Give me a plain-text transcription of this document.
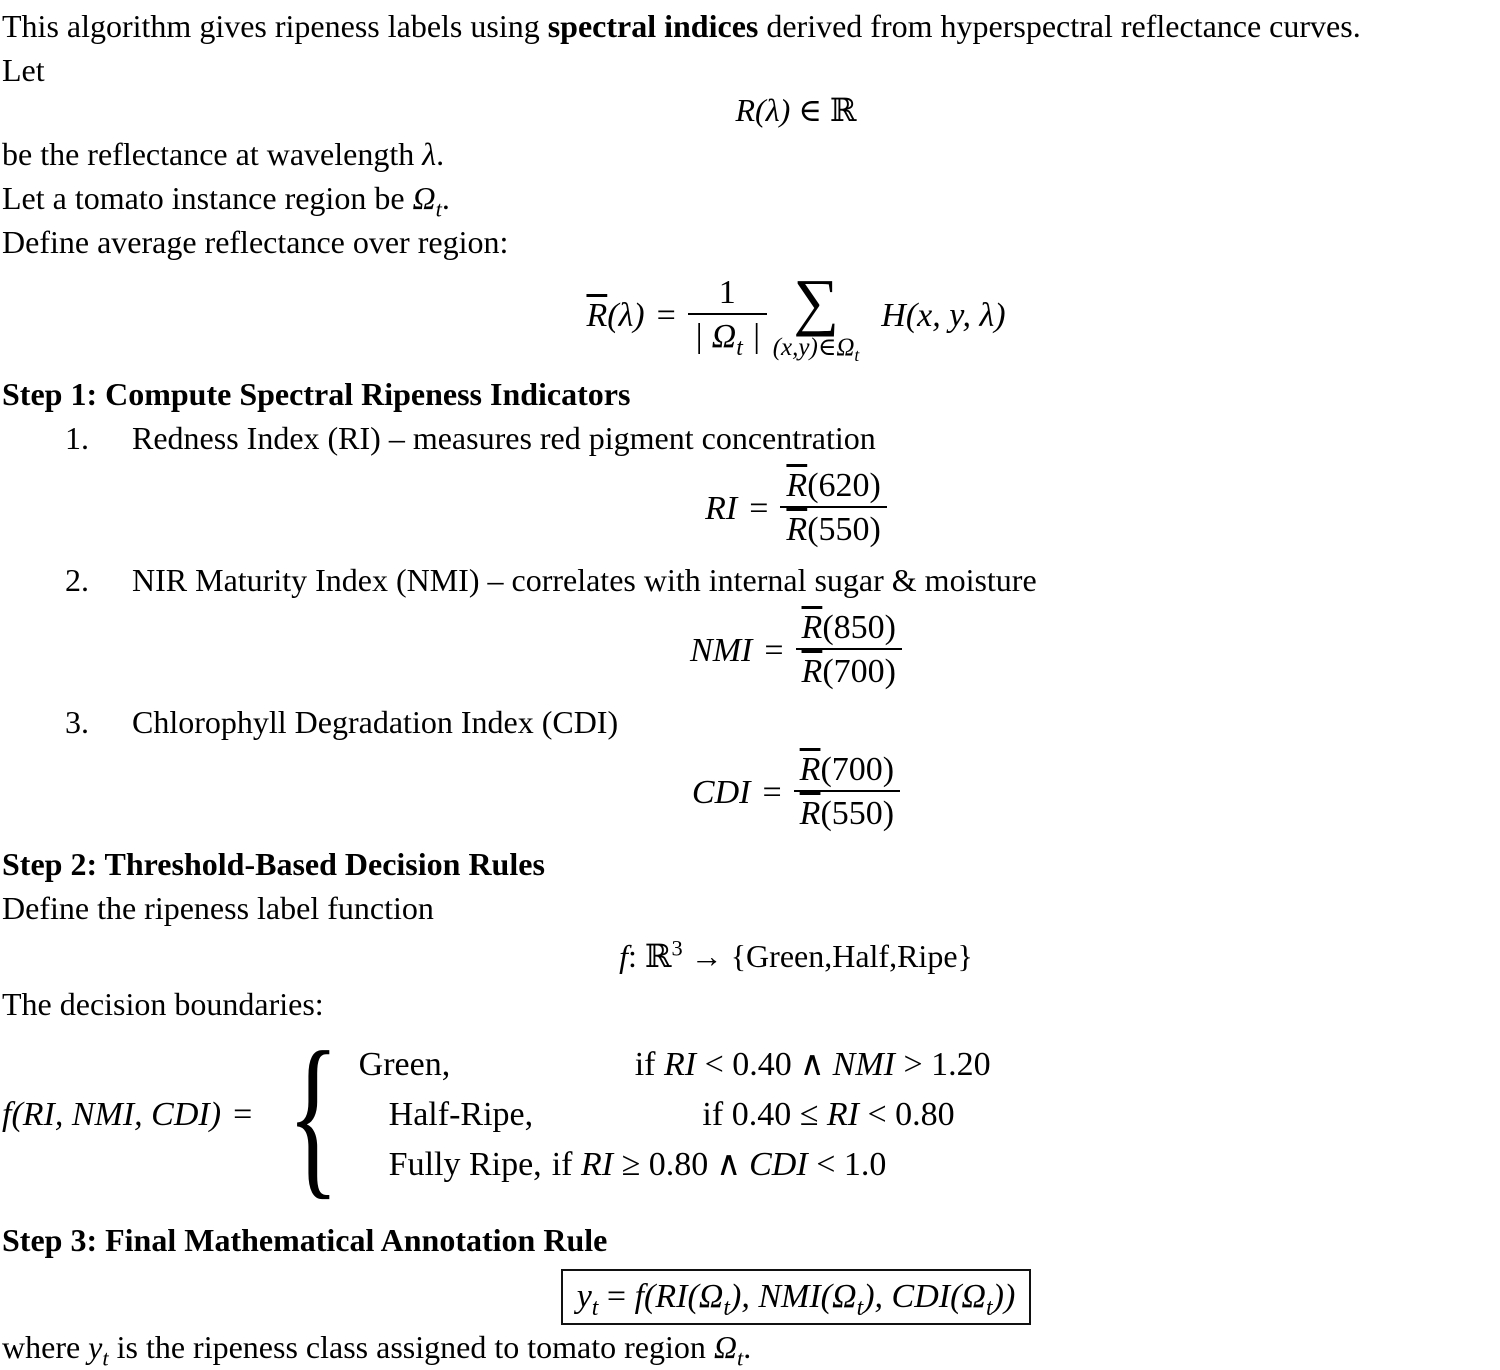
This algorithm gives ripeness labels using spectral indices derived from hyperspectral reflectance curves.
Let
R(λ) ∈ ℝ
be the reflectance at wavelength λ.
Let a tomato instance region be $\Omega_t$.
Define average reflectance over region:
$\overline{R}(\lambda) = \frac{1}{| \Omega_t |}$ ∑
$(x,y)\in\Omega_t$
H(x, y, λ)
Step 1: Compute Spectral Ripeness Indicators
1.	Redness Index (RI) – measures red pigment concentration
RI = $\frac{\overline{R}(620)}{\overline{R}(550)}$
2.	NIR Maturity Index (NMI) – correlates with internal sugar & moisture
NMI = $\frac{\overline{R}(850)}{\overline{R}(700)}$
3.	Chlorophyll Degradation Index (CDI)
CDI = $\frac{\overline{R}(700)}{\overline{R}(550)}$
Step 2: Threshold-Based Decision Rules
Define the ripeness label function
f: ℝ$^3$ → {Green,Half,Ripe}
The decision boundaries:
f(RI, NMI, CDI) = { Green,	if RI < 0.40 ∧ NMI > 1.20
Half-Ripe,	if 0.40 ≤ RI < 0.80
Fully Ripe, if RI ≥ 0.80 ∧ CDI < 1.0
Step 3: Final Mathematical Annotation Rule
$y_t = f(RI(\Omega_t)$, $NMI(\Omega_t)$, $CDI(\Omega_t)$)
where $y_t$ is the ripeness class assigned to tomato region $\Omega_t$.
